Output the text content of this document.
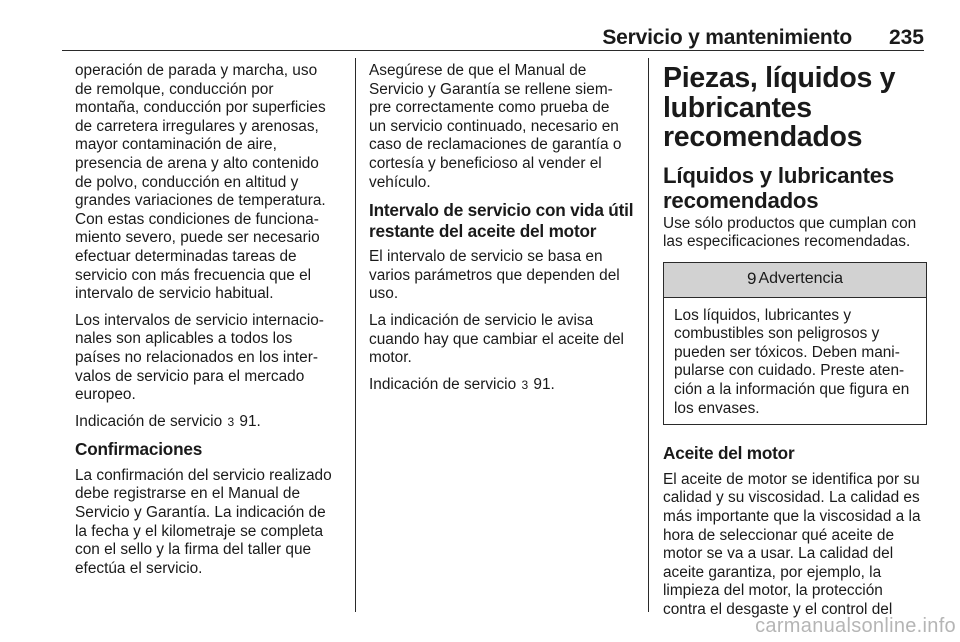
Servicio y mantenimiento 235

operación de parada y marcha, uso
de remolque, conducción por
montaña, conducción por superficies
de carretera irregulares y arenosas,
mayor contaminación de aire,
presencia de arena y alto contenido
de polvo, conducción en altitud y
grandes variaciones de temperatura.
Con estas condiciones de funciona‐
miento severo, puede ser necesario
efectuar determinadas tareas de
servicio con más frecuencia que el
intervalo de servicio habitual.

Los intervalos de servicio internacio‐
nales son aplicables a todos los
países no relacionados en los inter‐
valos de servicio para el mercado
europeo.

Indicación de servicio 3 91.

Confirmaciones

La confirmación del servicio realizado
debe registrarse en el Manual de
Servicio y Garantía. La indicación de
la fecha y el kilometraje se completa
con el sello y la firma del taller que
efectúa el servicio.

Asegúrese de que el Manual de
Servicio y Garantía se rellene siem‐
pre correctamente como prueba de
un servicio continuado, necesario en
caso de reclamaciones de garantía o
cortesía y beneficioso al vender el
vehículo.

Intervalo de servicio con vida útil
restante del aceite del motor

El intervalo de servicio se basa en
varios parámetros que dependen del
uso.

La indicación de servicio le avisa
cuando hay que cambiar el aceite del
motor.

Indicación de servicio 3 91.

Piezas, líquidos y
lubricantes
recomendados
Líquidos y lubricantes
recomendados

Use sólo productos que cumplan con
las especificaciones recomendadas.

9 Advertencia
Los líquidos, lubricantes y
combustibles son peligrosos y
pueden ser tóxicos. Deben mani‐
pularse con cuidado. Preste aten‐
ción a la información que figura en
los envases.
Aceite del motor

El aceite de motor se identifica por su
calidad y su viscosidad. La calidad es
más importante que la viscosidad a la
hora de seleccionar qué aceite de
motor se va a usar. La calidad del
aceite garantiza, por ejemplo, la
limpieza del motor, la protección
contra el desgaste y el control del

carmanualsonline.info
